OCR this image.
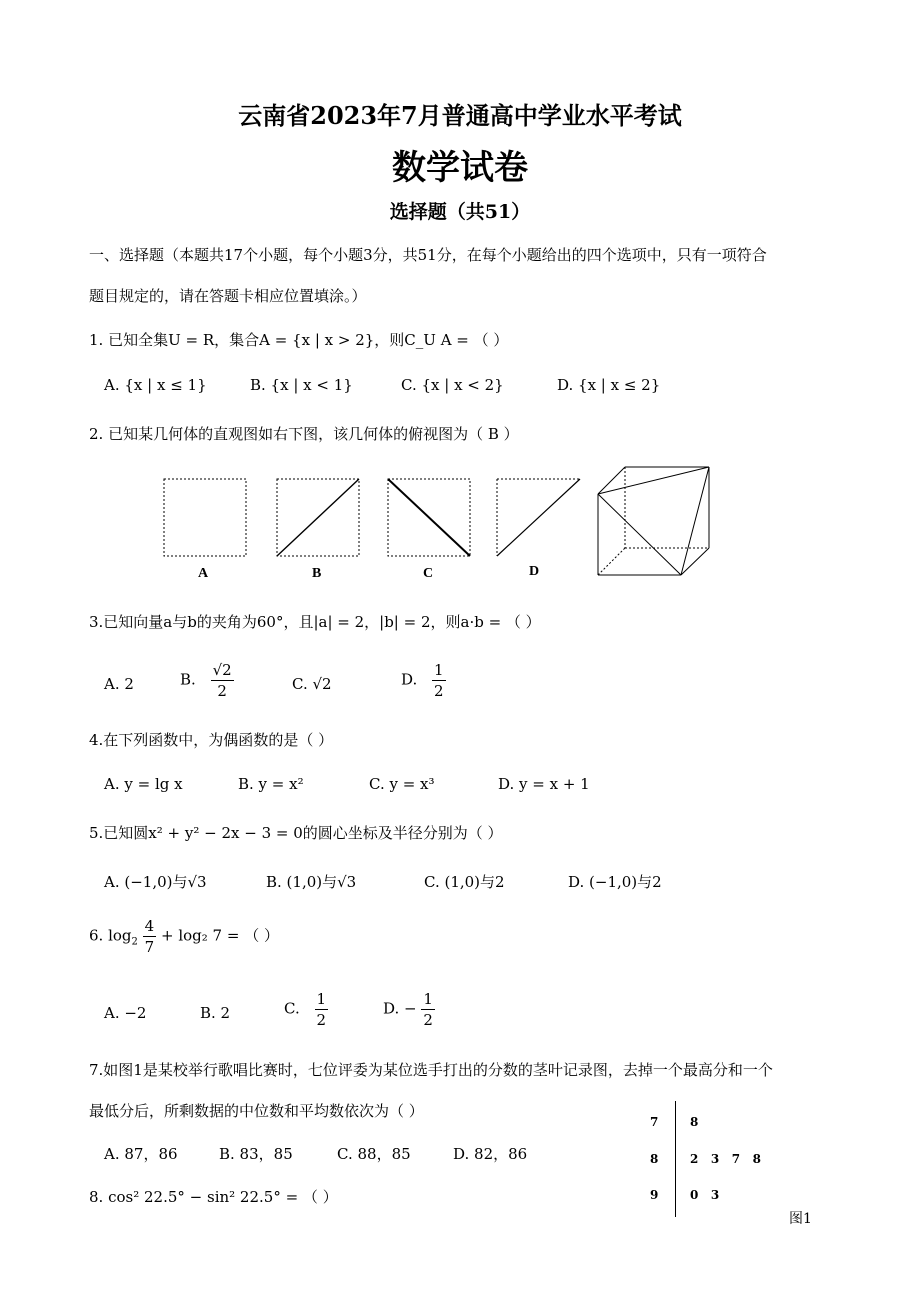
云南省2023年7月普通高中学业水平考试
数学试卷
选择题（共51）
一、选择题（本题共17个小题，每个小题3分，共51分，在每个小题给出的四个选项中，只有一项符合
题目规定的，请在答题卡相应位置填涂。）
1. 已知全集U = R，集合A = {x | x > 2}，则C_U A = （ ）
A. {x | x ≤ 1}	B. {x | x < 1}	C. {x | x < 2}	D. {x | x ≤ 2}
2. 已知某几何体的直观图如右下图，该几何体的俯视图为（ B ）
A	B	C	D
3.已知向量a与b的夹角为60°，且|a| = 2，|b| = 2，则a·b = （ ）
A. 2	B. $\frac{√2}{2}$	C. √2	D. $\frac{1}{2}$
4.在下列函数中，为偶函数的是（ ）
A. y = lg x	B. y = x²	C. y = x³	D. y = x + 1
5.已知圆x² + y² − 2x − 3 = 0的圆心坐标及半径分别为（ ）
A. (−1,0)与√3	B. (1,0)与√3	C. (1,0)与2	D. (−1,0)与2
6. $\log_2 \frac{4}{7} + \log_2$ 7 = （ ）
A. −2	B. 2	C. $\frac{1}{2}$	D. − $\frac{1}{2}$
7.如图1是某校举行歌唱比赛时，七位评委为某位选手打出的分数的茎叶记录图，去掉一个最高分和一个
最低分后，所剩数据的中位数和平均数依次为（ ）
A. 87，86	B. 83，85	C. 88，85	D. 82，86
8. cos² 22.5° − sin² 22.5° = （ ）
7	8
8	2   3   7   8
9	0   3
图1
